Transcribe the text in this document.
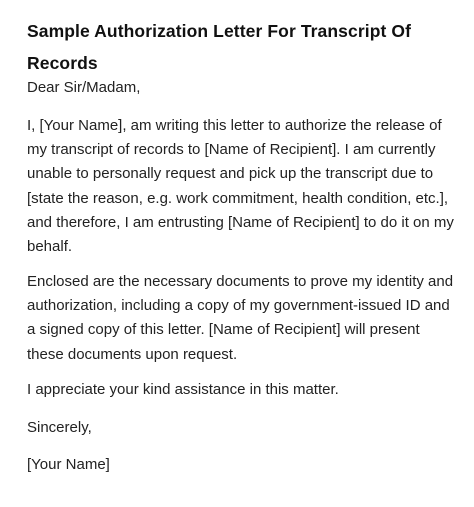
Sample Authorization Letter For Transcript Of Records

Dear Sir/Madam,

I, [Your Name], am writing this letter to authorize the release of my transcript of records to [Name of Recipient]. I am currently unable to personally request and pick up the transcript due to [state the reason, e.g. work commitment, health condition, etc.], and therefore, I am entrusting [Name of Recipient] to do it on my behalf.

Enclosed are the necessary documents to prove my identity and authorization, including a copy of my government-issued ID and a signed copy of this letter. [Name of Recipient] will present these documents upon request.

I appreciate your kind assistance in this matter.

Sincerely,

[Your Name]
